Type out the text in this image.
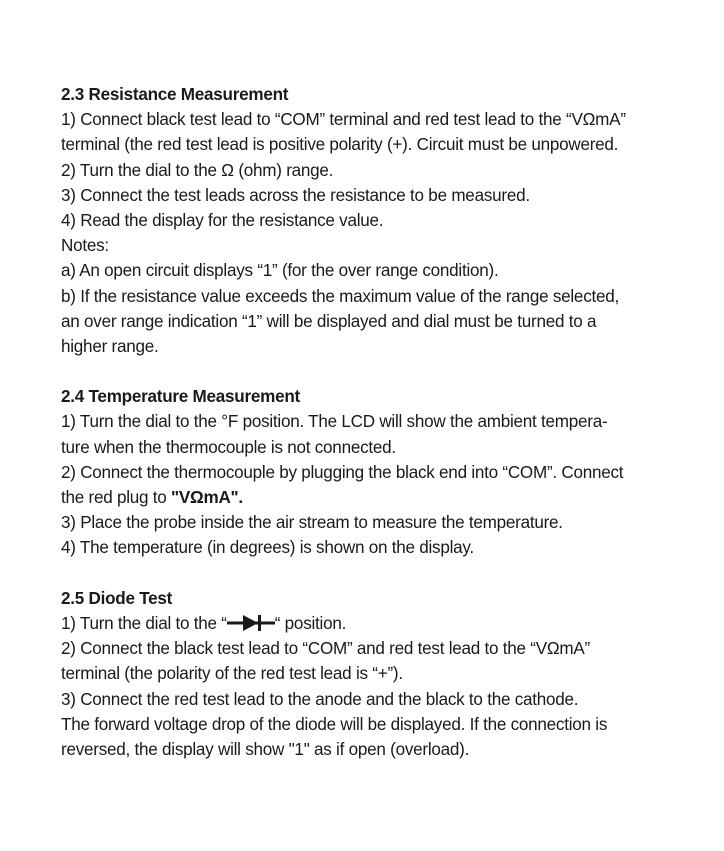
2.3 Resistance Measurement
1) Connect black test lead to “COM” terminal and red test lead to the “VΩmA”
terminal (the red test lead is positive polarity (+). Circuit must be unpowered.
2) Turn the dial to the Ω (ohm) range.
3) Connect the test leads across the resistance to be measured.
4) Read the display for the resistance value.
Notes:
a) An open circuit displays “1” (for the over range condition).
b) If the resistance value exceeds the maximum value of the range selected,
an over range indication “1” will be displayed and dial must be turned to a
higher range.
2.4 Temperature Measurement
1) Turn the dial to the °F position. The LCD will show the ambient tempera-
ture when the thermocouple is not connected.
2) Connect the thermocouple by plugging the black end into “COM”. Connect
the red plug to "VΩmA".
3) Place the probe inside the air stream to measure the temperature.
4) The temperature (in degrees) is shown on the display.
2.5 Diode Test
1) Turn the dial to the “	“ position.
2) Connect the black test lead to “COM” and red test lead to the “VΩmA”
terminal (the polarity of the red test lead is “+”).
3) Connect the red test lead to the anode and the black to the cathode.
The forward voltage drop of the diode will be displayed. If the connection is
reversed, the display will show "1" as if open (overload).
